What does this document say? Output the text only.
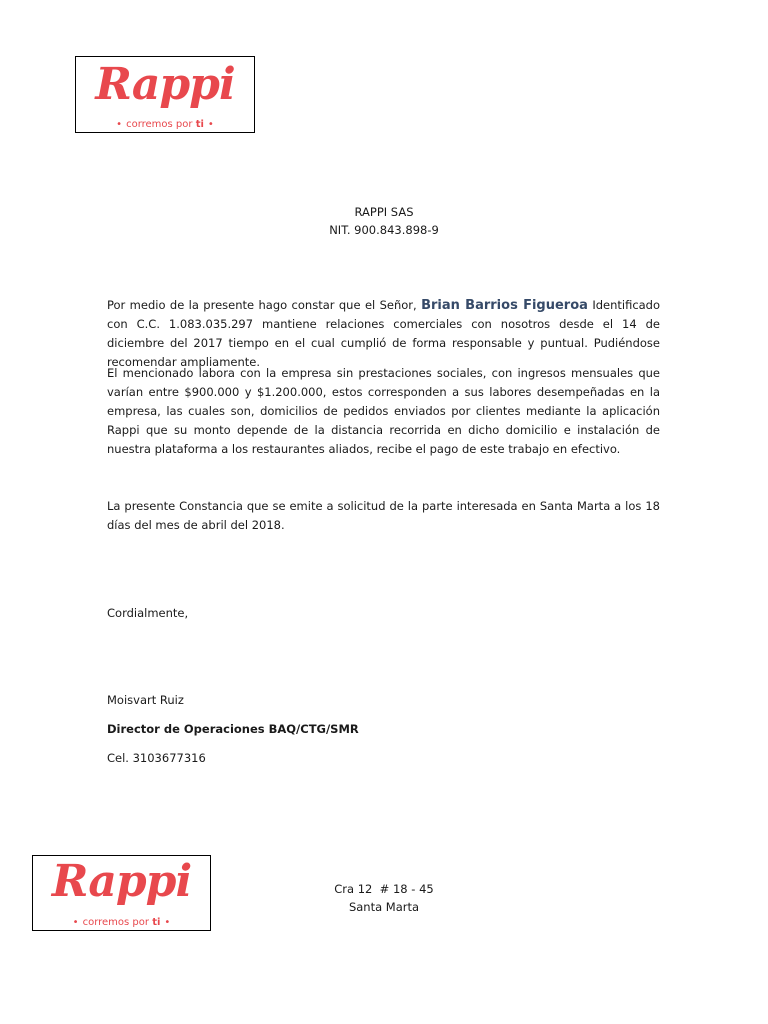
Rappi
• corremos por ti •
RAPPI SAS
NIT. 900.843.898-9
Por medio de la presente hago constar que el Señor, Brian Barrios Figueroa Identificado con C.C. 1.083.035.297 mantiene relaciones comerciales con nosotros desde el 14 de diciembre del 2017 tiempo en el cual cumplió de forma responsable y puntual. Pudiéndose recomendar ampliamente.
El mencionado labora con la empresa sin prestaciones sociales, con ingresos mensuales que varían entre $900.000 y $1.200.000, estos corresponden a sus labores desempeñadas en la empresa, las cuales son, domicilios de pedidos enviados por clientes mediante la aplicación Rappi que su monto depende de la distancia recorrida en dicho domicilio e instalación de nuestra plataforma a los restaurantes aliados, recibe el pago de este trabajo en efectivo.
La presente Constancia que se emite a solicitud de la parte interesada en Santa Marta a los 18 días del mes de abril del 2018.
Cordialmente,
Moisvart Ruiz
Director de Operaciones BAQ/CTG/SMR
Cel. 3103677316
Rappi
• corremos por ti •
Cra 12  # 18 - 45
Santa Marta
